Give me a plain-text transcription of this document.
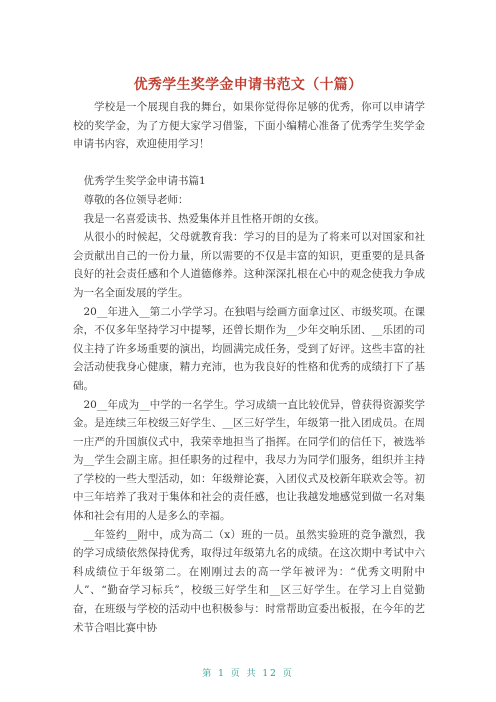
优秀学生奖学金申请书范文（十篇）

学校是一个展现自我的舞台，如果你觉得你足够的优秀，你可以申请学校的奖学金，为了方便大家学习借鉴，下面小编精心准备了优秀学生奖学金申请书内容，欢迎使用学习！

优秀学生奖学金申请书篇1

尊敬的各位领导老师：

我是一名喜爱读书、热爱集体并且性格开朗的女孩。

从很小的时候起，父母就教育我：学习的目的是为了将来可以对国家和社会贡献出自己的一份力量，所以需要的不仅是丰富的知识，更重要的是具备良好的社会责任感和个人道德修养。这种深深扎根在心中的观念使我力争成为一名全面发展的学生。

20__年进入__第二小学学习。在独唱与绘画方面拿过区、市级奖项。在课余，不仅多年坚持学习中提琴，还曾长期作为__少年交响乐团、__乐团的司仪主持了许多场重要的演出，均圆满完成任务，受到了好评。这些丰富的社会活动使我身心健康，精力充沛，也为我良好的性格和优秀的成绩打下了基础。

20__年成为__中学的一名学生。学习成绩一直比较优异，曾获得资源奖学金。是连续三年校级三好学生、__区三好学生，年级第一批入团成员。在周一庄严的升国旗仪式中，我荣幸地担当了指挥。在同学们的信任下，被选举为__学生会副主席。担任职务的过程中，我尽力为同学们服务，组织并主持了学校的一些大型活动，如：年级辩论赛，入团仪式及校新年联欢会等。初中三年培养了我对于集体和社会的责任感，也让我越发地感觉到做一名对集体和社会有用的人是多么的幸福。

__年签约__附中，成为高二（x）班的一员。虽然实验班的竞争激烈，我的学习成绩依然保持优秀，取得过年级第九名的成绩。在这次期中考试中六科成绩位于年级第二。在刚刚过去的高一学年被评为：“优秀文明附中人”、“勤奋学习标兵”，校级三好学生和__区三好学生。在学习上自觉勤奋，在班级与学校的活动中也积极参与：时常帮助宣委出板报，在今年的艺术节合唱比赛中协

第 1 页 共 12 页
